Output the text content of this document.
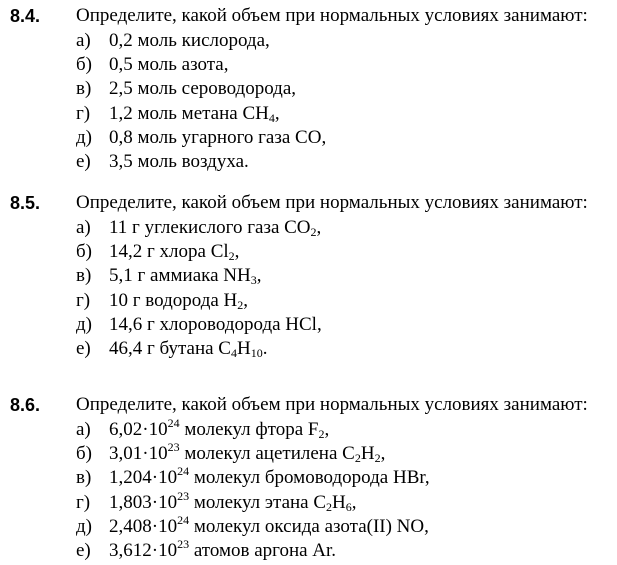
8.4. Определите, какой объем при нормальных условиях занимают:
а) 0,2 моль кислорода,
б) 0,5 моль азота,
в) 2,5 моль сероводорода,
г) 1,2 моль метана $CH_4$,
д) 0,8 моль угарного газа CO,
е) 3,5 моль воздуха.
8.5. Определите, какой объем при нормальных условиях занимают:
а) 11 г углекислого газа $CO_2$,
б) 14,2 г хлора $Cl_2$,
в) 5,1 г аммиака $NH_3$,
г) 10 г водорода $H_2$,
д) 14,6 г хлороводорода HCl,
е) 46,4 г бутана $C_4H_{10}$.
8.6. Определите, какой объем при нормальных условиях занимают:
а) $6,02\cdot 10^{24}$ молекул фтора $F_2$,
б) $3,01\cdot 10^{23}$ молекул ацетилена $C_2H_2$,
в) $1,204\cdot 10^{24}$ молекул бромоводорода HBr,
г) $1,803\cdot 10^{23}$ молекул этана $C_2H_6$,
д) $2,408\cdot 10^{24}$ молекул оксида азота(II) NO,
е) $3,612\cdot 10^{23}$ атомов аргона Ar.
